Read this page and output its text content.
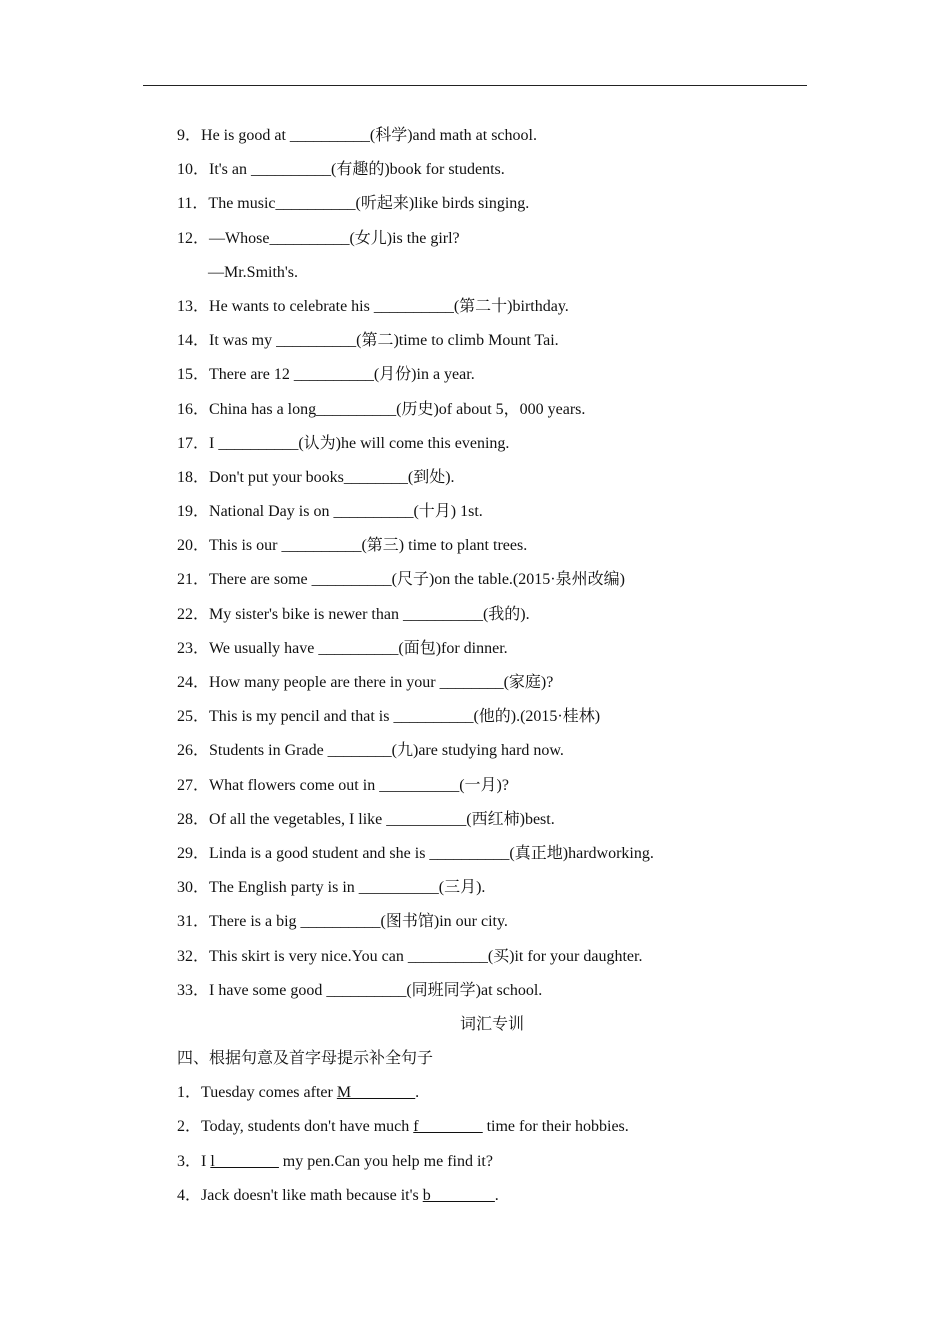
9．He is good at __________(科学)and math at school.
10．It's an __________(有趣的)book for students.
11．The music__________(听起来)like birds singing.
12．—Whose__________(女儿)is the girl?
—Mr.Smith's.
13．He wants to celebrate his __________(第二十)birthday.
14．It was my __________(第二)time to climb Mount Tai.
15．There are 12 __________(月份)in a year.
16．China has a long__________(历史)of about 5，000 years.
17．I __________(认为)he will come this evening.
18．Don't put your books________(到处).
19．National Day is on __________(十月) 1st.
20．This is our __________(第三) time to plant trees.
21．There are some __________(尺子)on the table.(2015·泉州改编)
22．My sister's bike is newer than __________(我的).
23．We usually have __________(面包)for dinner.
24．How many people are there in your ________(家庭)?
25．This is my pencil and that is __________(他的).(2015·桂林)
26．Students in Grade ________(九)are studying hard now.
27．What flowers come out in __________(一月)?
28．Of all the vegetables, I like __________(西红柿)best.
29．Linda is a good student and she is __________(真正地)hardworking.
30．The English party is in __________(三月).
31．There is a big __________(图书馆)in our city.
32．This skirt is very nice.You can __________(买)it for your daughter.
33．I have some good __________(同班同学)at school.
词汇专训
四、根据句意及首字母提示补全句子
1．Tuesday comes after M________.
2．Today, students don't have much f________ time for their hobbies.
3．I l________ my pen.Can you help me find it?
4．Jack doesn't like math because it's b________.
